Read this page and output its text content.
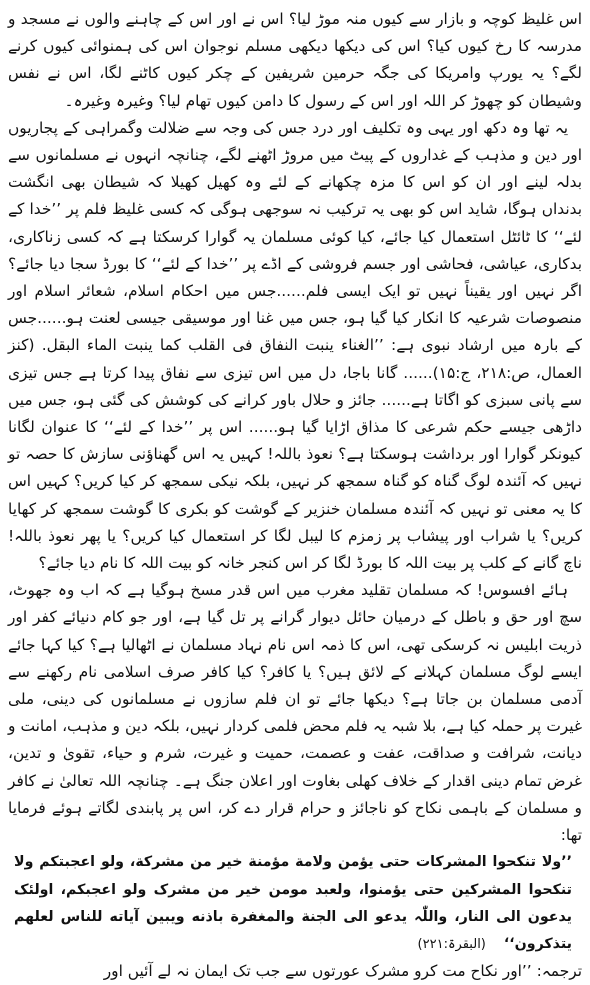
اس غلیظ کوچہ و بازار سے کیوں منہ موڑ لیا؟ اس نے اور اس کے چاہنے والوں نے مسجد و مدرسہ کا رخ کیوں کیا؟ اس کی دیکھا دیکھی مسلم نوجوان اس کی ہمنوائی کیوں کرنے لگے؟ یہ یورپ وامریکا کی جگہ حرمین شریفین کے چکر کیوں کاٹنے لگا، اس نے نفس وشیطان کو چھوڑ کر اللہ اور اس کے رسول کا دامن کیوں تھام لیا؟ وغیرہ وغیرہ۔

یہ تھا وہ دکھ اور یہی وہ تکلیف اور درد جس کی وجہ سے ضلالت وگمراہی کے پجاریوں اور دین و مذہب کے غداروں کے پیٹ میں مروڑ اٹھنے لگے، چنانچہ انہوں نے مسلمانوں سے بدلہ لینے اور ان کو اس کا مزہ چکھانے کے لئے وہ کھیل کھیلا کہ شیطان بھی انگشت بدنداں ہوگا، شاید اس کو بھی یہ ترکیب نہ سوجھی ہوگی کہ کسی غلیظ فلم پر ’’خدا کے لئے‘‘ کا ٹائٹل استعمال کیا جائے، کیا کوئی مسلمان یہ گوارا کرسکتا ہے کہ کسی زناکاری، بدکاری، عیاشی، فحاشی اور جسم فروشی کے اڈے پر ’’خدا کے لئے‘‘ کا بورڈ سجا دیا جائے؟ اگر نہیں اور یقیناً نہیں تو ایک ایسی فلم......جس میں احکام اسلام، شعائر اسلام اور منصوصات شرعیہ کا انکار کیا گیا ہو، جس میں غنا اور موسیقی جیسی لعنت ہو......جس کے بارہ میں ارشاد نبوی ہے: ’’الغناء ینبت النفاق فی القلب کما ینبت الماء البقل. (کنز العمال، ص:۲۱۸، ج:۱۵)...... گانا باجا، دل میں اس تیزی سے نفاق پیدا کرتا ہے جس تیزی سے پانی سبزی کو اگاتا ہے...... جائز و حلال باور کرانے کی کوشش کی گئی ہو، جس میں داڑھی جیسے حکم شرعی کا مذاق اڑایا گیا ہو...... اس پر ’’خدا کے لئے‘‘ کا عنوان لگانا کیونکر گوارا اور برداشت ہوسکتا ہے؟ نعوذ باللہ! کہیں یہ اس گھناؤنی سازش کا حصہ تو نہیں کہ آئندہ لوگ گناہ کو گناہ سمجھ کر نہیں، بلکہ نیکی سمجھ کر کیا کریں؟ کہیں اس کا یہ معنی تو نہیں کہ آئندہ مسلمان خنزیر کے گوشت کو بکری کا گوشت سمجھ کر کھایا کریں؟ یا شراب اور پیشاب پر زمزم کا لیبل لگا کر استعمال کیا کریں؟ یا پھر نعوذ باللہ! ناچ گانے کے کلب پر بیت اللہ کا بورڈ لگا کر اس کنجر خانہ کو بیت اللہ کا نام دیا جائے؟

ہائے افسوس! کہ مسلمان تقلید مغرب میں اس قدر مسخ ہوگیا ہے کہ اب وہ جھوٹ، سچ اور حق و باطل کے درمیان حائل دیوار گرانے پر تل گیا ہے، اور جو کام دنیائے کفر اور ذریت ابلیس نہ کرسکی تھی، اس کا ذمہ اس نام نہاد مسلمان نے اٹھالیا ہے؟ کیا کہا جائے ایسے لوگ مسلمان کہلانے کے لائق ہیں؟ یا کافر؟ کیا کافر صرف اسلامی نام رکھنے سے آدمی مسلمان بن جاتا ہے؟ دیکھا جائے تو ان فلم سازوں نے مسلمانوں کی دینی، ملی غیرت پر حملہ کیا ہے، بلا شبہ یہ فلم محض فلمی کردار نہیں، بلکہ دین و مذہب، امانت و دیانت، شرافت و صداقت، عفت و عصمت، حمیت و غیرت، شرم و حیاء، تقویٰ و تدین، غرض تمام دینی اقدار کے خلاف کھلی بغاوت اور اعلان جنگ ہے۔ چنانچہ اللہ تعالیٰ نے کافر و مسلمان کے باہمی نکاح کو ناجائز و حرام قرار دے کر، اس پر پابندی لگاتے ہوئے فرمایا تھا:

’’ولا تنکحوا المشرکات حتی یؤمن ولامة مؤمنة خیر من مشرکة، ولو اعجبتکم ولا تنکحوا المشرکین حتی یؤمنوا، ولعبد مومن خیر من مشرک ولو اعجبکم، اولئک یدعون الی النار، واللّٰہ یدعو الی الجنة والمغفرة باذنه ویبین آیاته للناس لعلهم یتذکرون‘‘(البقرۃ:۲۲۱)

ترجمہ: ’’اور نکاح مت کرو مشرک عورتوں سے جب تک ایمان نہ لے آئیں اور
